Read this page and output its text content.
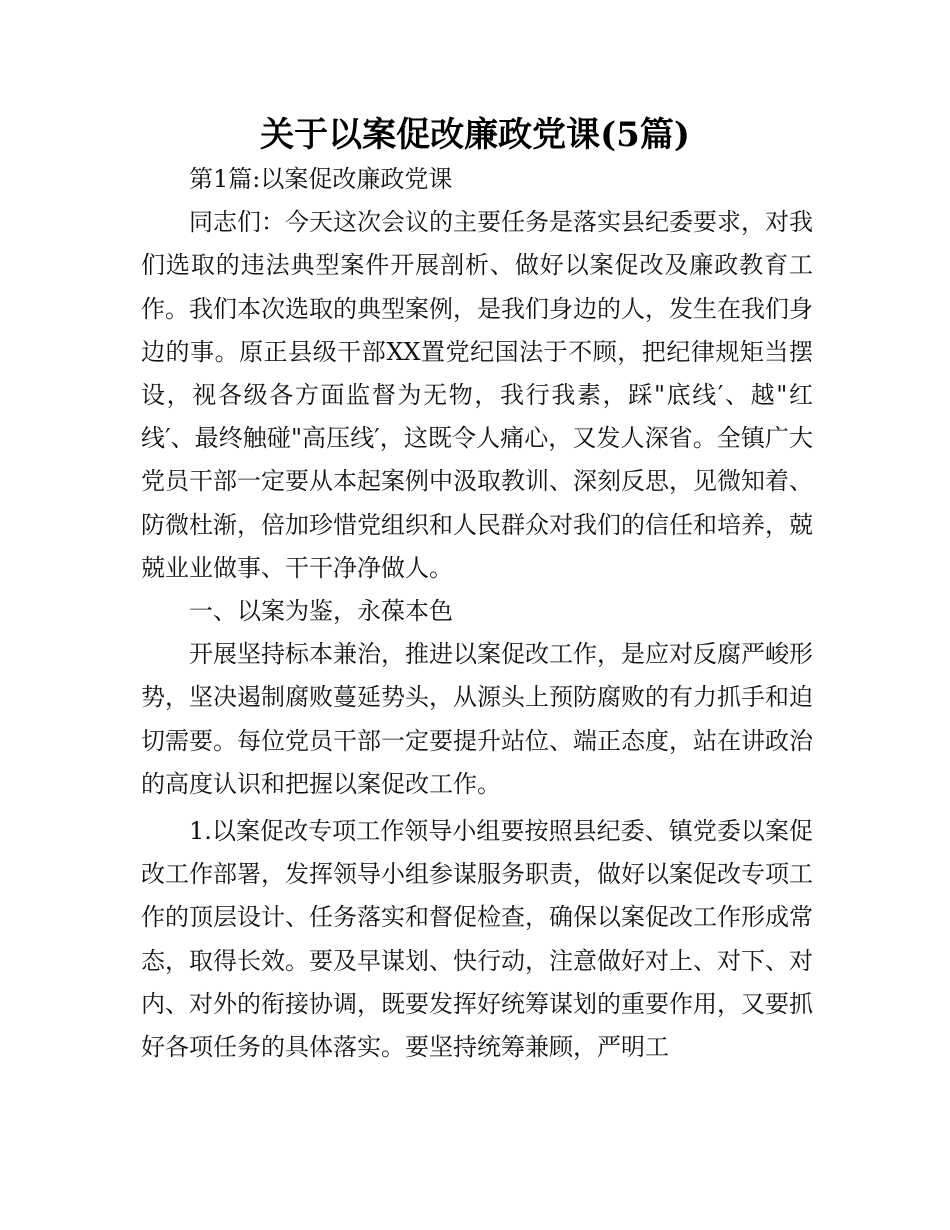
关于以案促改廉政党课(5篇)

第1篇:以案促改廉政党课

同志们：今天这次会议的主要任务是落实县纪委要求，对我们选取的违法典型案件开展剖析、做好以案促改及廉政教育工作。我们本次选取的典型案例，是我们身边的人，发生在我们身边的事。原正县级干部XX置党纪国法于不顾，把纪律规矩当摆设，视各级各方面监督为无物，我行我素，踩"底线′、越"红线′、最终触碰"高压线′，这既令人痛心，又发人深省。全镇广大党员干部一定要从本起案例中汲取教训、深刻反思，见微知着、防微杜渐，倍加珍惜党组织和人民群众对我们的信任和培养，兢兢业业做事、干干净净做人。

一、以案为鉴，永葆本色

开展坚持标本兼治，推进以案促改工作，是应对反腐严峻形势，坚决遏制腐败蔓延势头，从源头上预防腐败的有力抓手和迫切需要。每位党员干部一定要提升站位、端正态度，站在讲政治的高度认识和把握以案促改工作。

1.以案促改专项工作领导小组要按照县纪委、镇党委以案促改工作部署，发挥领导小组参谋服务职责，做好以案促改专项工作的顶层设计、任务落实和督促检查，确保以案促改工作形成常态，取得长效。要及早谋划、快行动，注意做好对上、对下、对内、对外的衔接协调，既要发挥好统筹谋划的重要作用，又要抓好各项任务的具体落实。要坚持统筹兼顾，严明工
